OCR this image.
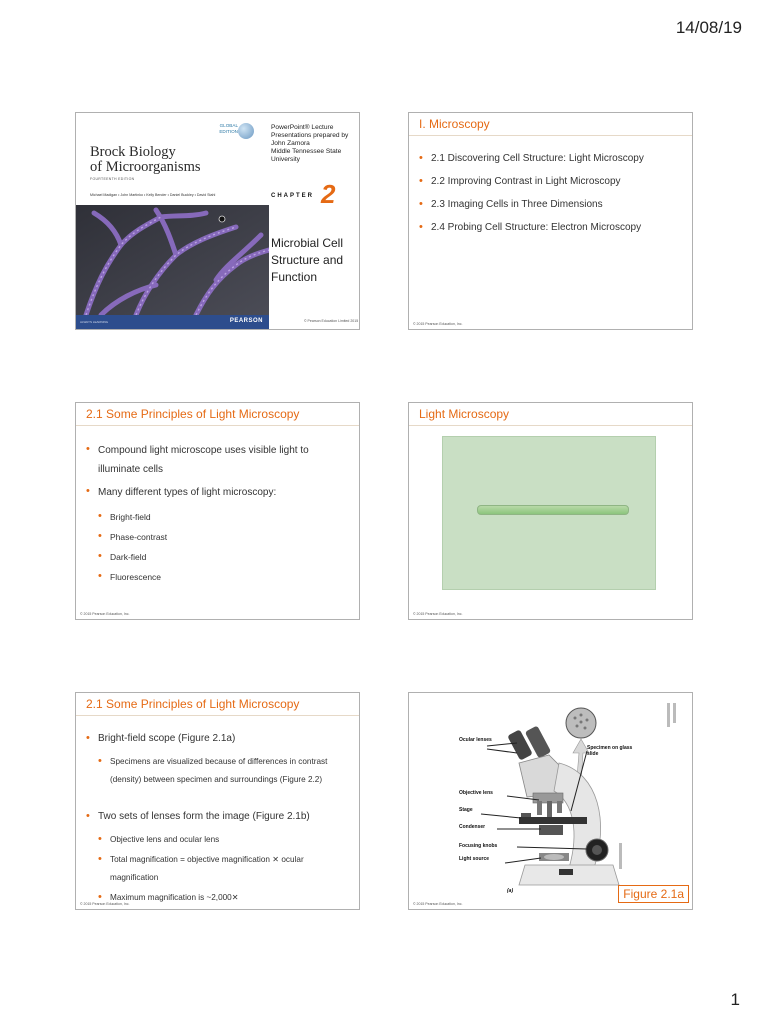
14/08/19
GLOBAL
EDITION
Brock Biology
of Microorganisms
FOURTEENTH EDITION
Michael Madigan • John Martinko • Kelly Bender • Daniel Buckley • David Stahl
ALWAYS LEARNING	PEARSON
PowerPoint® Lecture
Presentations prepared by
John Zamora
Middle Tennessee State
University
CHAPTER 2
Microbial Cell
Structure and
Function
© Pearson Education Limited 2015
I. Microscopy
• 2.1 Discovering Cell Structure: Light Microscopy
• 2.2 Improving Contrast in Light Microscopy
• 2.3 Imaging Cells in Three Dimensions
• 2.4 Probing Cell Structure: Electron Microscopy
© 2015 Pearson Education, Inc.
2.1 Some Principles of Light Microscopy
• Compound light microscope uses visible light to illuminate cells
• Many different types of light microscopy:
• Bright-field
• Phase-contrast
• Dark-field
• Fluorescence
© 2015 Pearson Education, Inc.
Light Microscopy
© 2015 Pearson Education, Inc.
2.1 Some Principles of Light Microscopy
• Bright-field scope (Figure 2.1a)
• Specimens are visualized because of differences in contrast (density) between specimen and surroundings (Figure 2.2)
• Two sets of lenses form the image (Figure 2.1b)
• Objective lens and ocular lens
• Total magnification = objective magnification ✕ ocular magnification
• Maximum magnification is ~2,000✕
© 2015 Pearson Education, Inc.
Ocular lenses
Specimen on glass slide
Objective lens
Stage
Condenser
Focusing knobs
Light source
(a)	Figure 2.1a
© 2015 Pearson Education, Inc.
1
